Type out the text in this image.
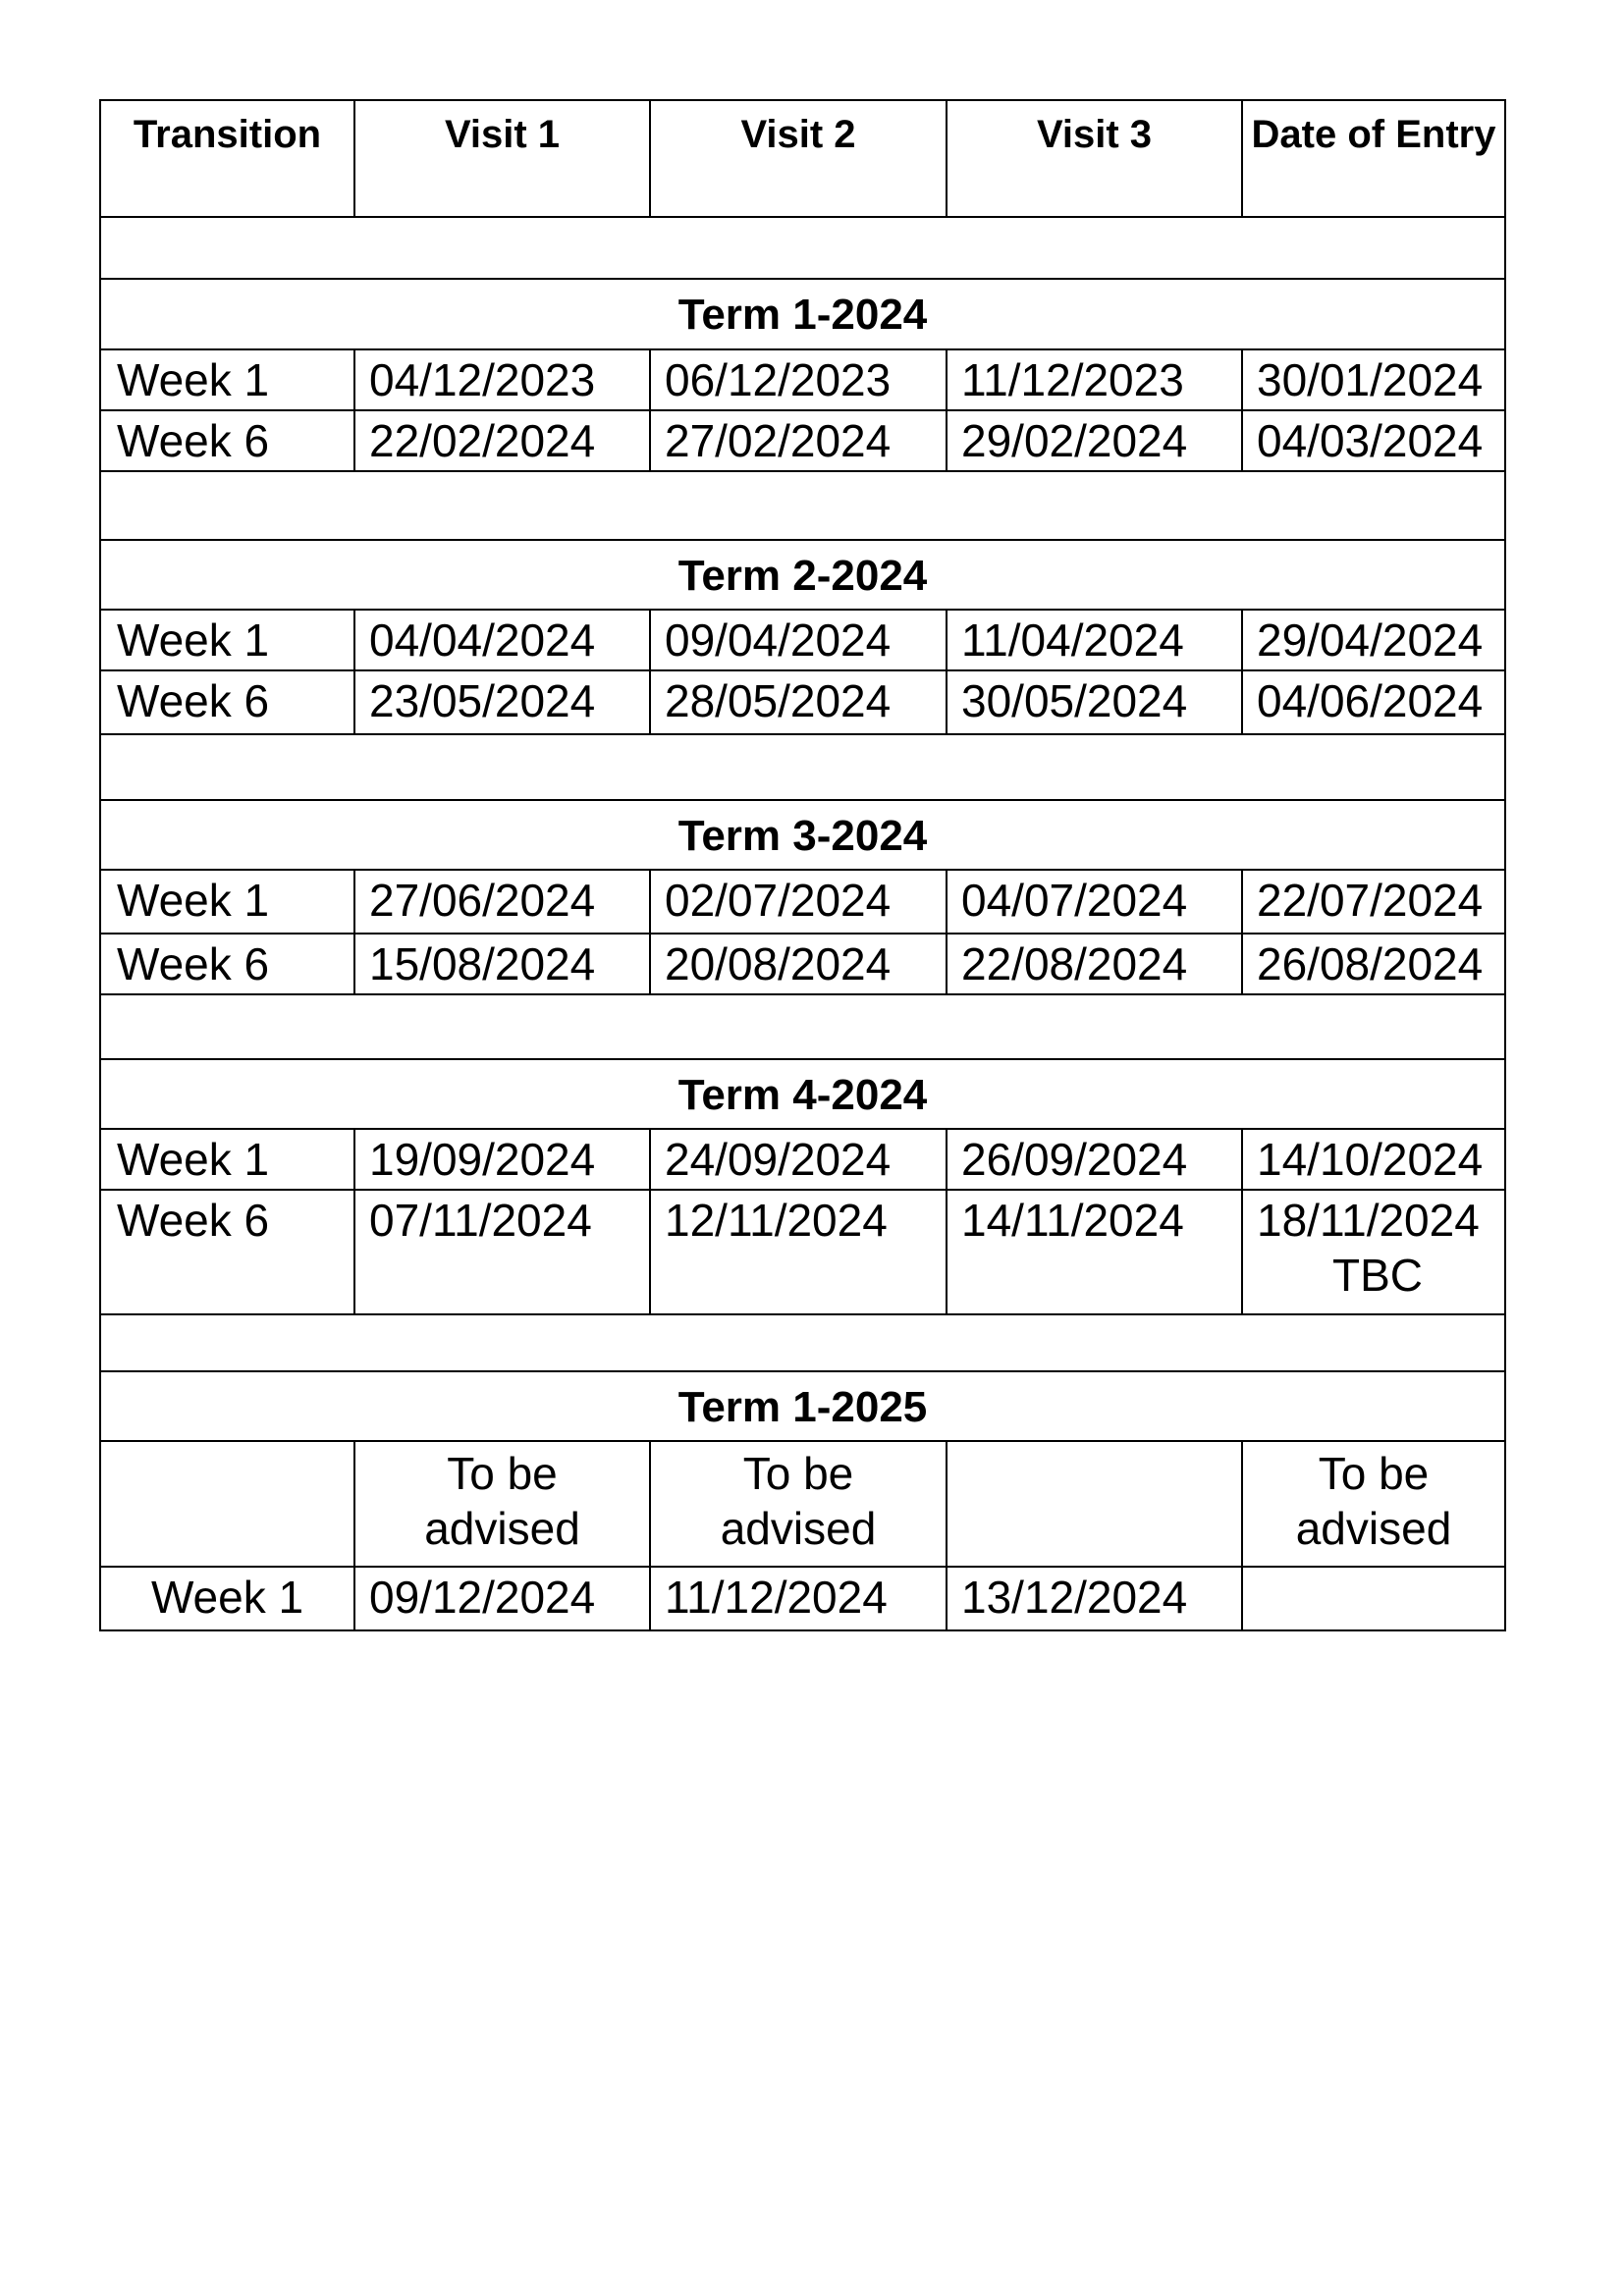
Transition	Visit 1	Visit 2	Visit 3	Date of Entry

Term 1-2024				
Week 1	04/12/2023	06/12/2023	11/12/2023	30/01/2024
Week 6	22/02/2024	27/02/2024	29/02/2024	04/03/2024

Term 2-2024				
Week 1	04/04/2024	09/04/2024	11/04/2024	29/04/2024
Week 6	23/05/2024	28/05/2024	30/05/2024	04/06/2024

Term 3-2024				
Week 1	27/06/2024	02/07/2024	04/07/2024	22/07/2024
Week 6	15/08/2024	20/08/2024	22/08/2024	26/08/2024

Term 4-2024				
Week 1	19/09/2024	24/09/2024	26/09/2024	14/10/2024
Week 6	07/11/2024	12/11/2024	14/11/2024	18/11/2024
TBC

Term 1-2025				

	To be advised	To be advised		To be advised

Week 1	09/12/2024	11/12/2024	13/12/2024	
